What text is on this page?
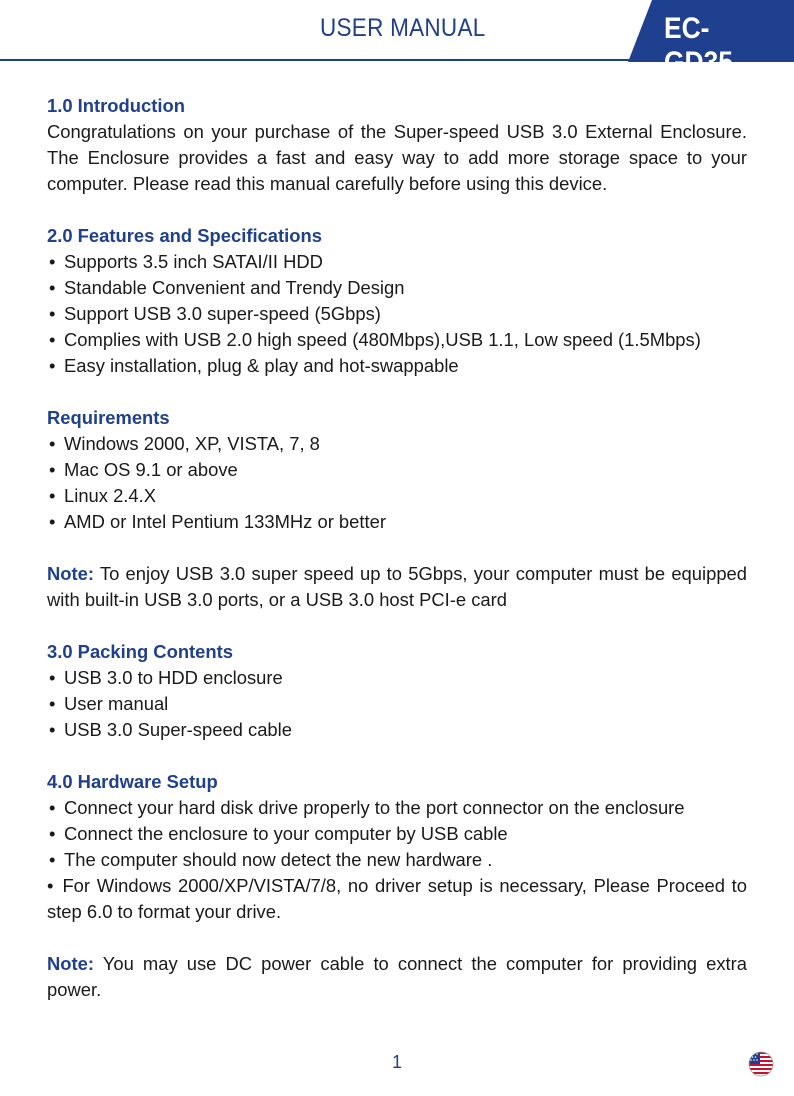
USER MANUAL	EC-GD35
1.0 Introduction
Congratulations on your purchase of the Super-speed USB 3.0 External Enclosure. The Enclosure provides a fast and easy way to add more storage space to your computer. Please read this manual carefully before using this device.
2.0 Features and Specifications
• Supports 3.5 inch SATAI/II HDD
• Standable Convenient and Trendy Design
• Support USB 3.0 super-speed (5Gbps)
• Complies with USB 2.0 high speed (480Mbps),USB 1.1, Low speed (1.5Mbps)
• Easy installation, plug & play and hot-swappable
Requirements
• Windows 2000, XP, VISTA, 7, 8
• Mac OS 9.1 or above
• Linux 2.4.X
• AMD or Intel Pentium 133MHz or better
Note: To enjoy USB 3.0 super speed up to 5Gbps, your computer must be equipped with built-in USB 3.0 ports, or a USB 3.0 host PCI-e card
3.0 Packing Contents
• USB 3.0 to HDD enclosure
• User manual
• USB 3.0 Super-speed cable
4.0 Hardware Setup
• Connect your hard disk drive properly to the port connector on the enclosure
• Connect the enclosure to your computer by USB cable
• The computer should now detect the new hardware .
• For Windows 2000/XP/VISTA/7/8, no driver setup is necessary, Please Proceed to step 6.0 to format your drive.
Note: You may use DC power cable to connect the computer for providing extra power.
1
